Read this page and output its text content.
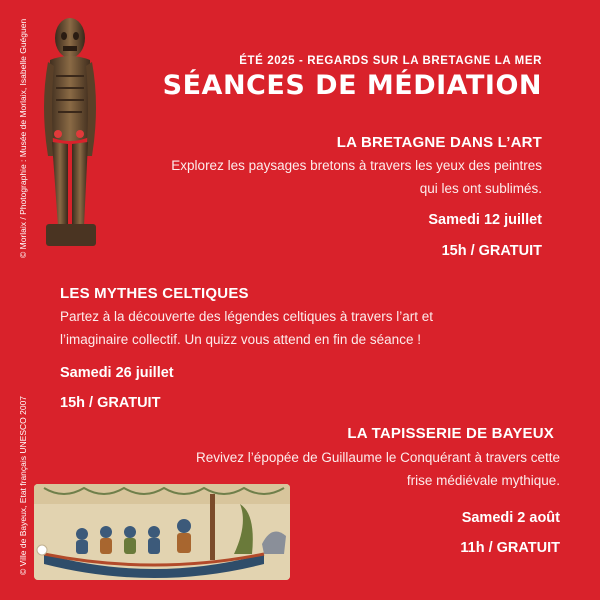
© Morlaix / Photographie : Musée de Morlaix, Isabelle Guéguen
© Ville de Bayeux, Etat français UNESCO 2007
ÉTÉ 2025 - REGARDS SUR LA BRETAGNE LA MER
SÉANCES DE MÉDIATION
LA BRETAGNE DANS L’ART
Explorez les paysages bretons à travers les yeux des peintres
qui les ont sublimés.
Samedi 12 juillet
15h / GRATUIT
LES MYTHES CELTIQUES
Partez à la découverte des légendes celtiques à travers l’art et
l’imaginaire collectif. Un quizz vous attend en fin de séance !
Samedi 26 juillet
15h / GRATUIT
LA TAPISSERIE DE BAYEUX
Revivez l’épopée de Guillaume le Conquérant à travers cette
frise médiévale mythique.
Samedi 2 août
11h / GRATUIT
